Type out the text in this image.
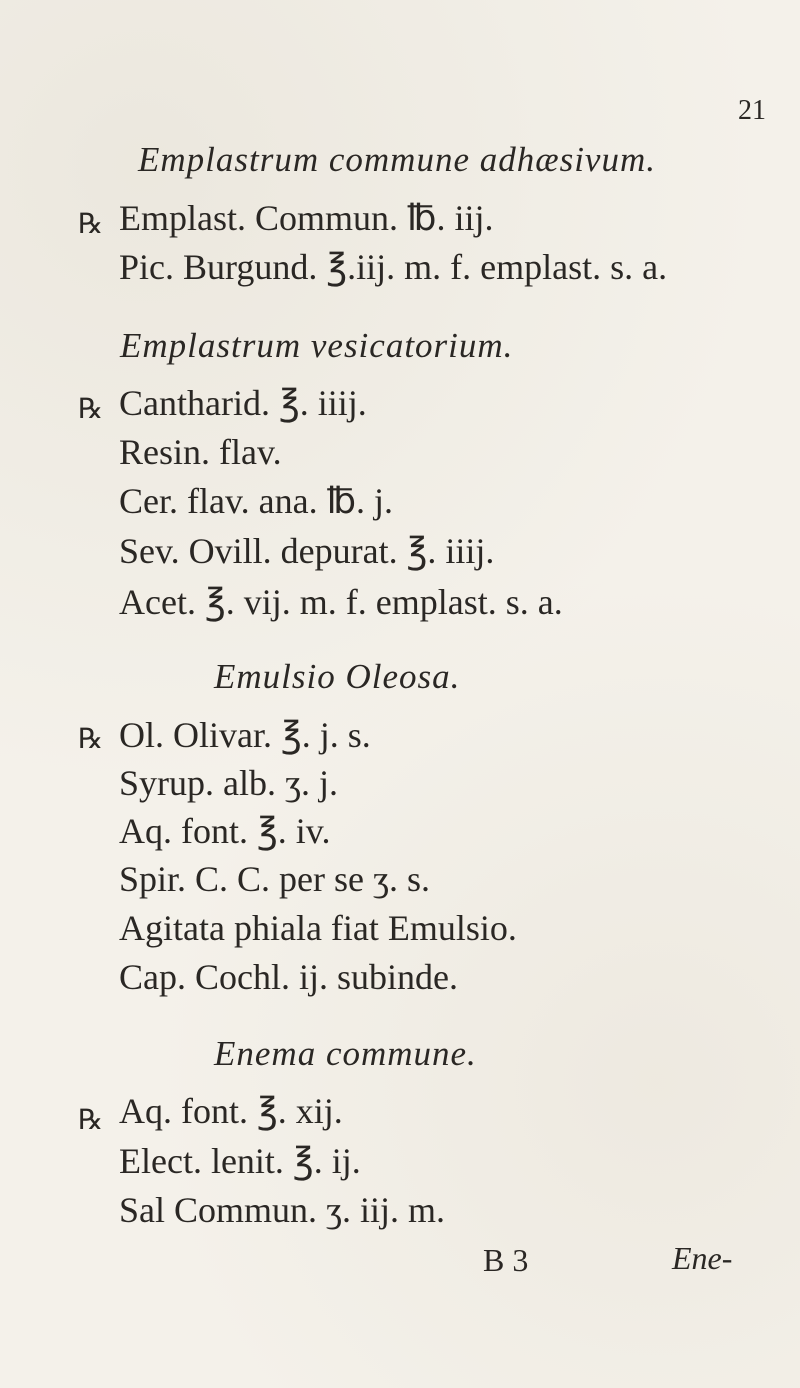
21
Emplastrum commune adhæsivum.
℞ Emplast. Commun. ℔. iij.
Pic. Burgund. ℥.iij. m. f. emplast. s. a.
Emplastrum vesicatorium.
℞ Cantharid. ℥. iiij.
Resin. flav.
Cer. flav. ana. ℔. j.
Sev. Ovill. depurat. ℥. iiij.
Acet. ℥. vij. m. f. emplast. s. a.
Emulsio Oleosa.
℞ Ol. Olivar. ℥. j. s.
Syrup. alb. ʒ. j.
Aq. font. ℥. iv.
Spir. C. C. per se ʒ. s.
Agitata phiala fiat Emulsio.
Cap. Cochl. ij. subinde.
Enema commune.
℞ Aq. font. ℥. xij.
Elect. lenit. ℥. ij.
Sal Commun. ʒ. iij. m.
B 3	Ene-
